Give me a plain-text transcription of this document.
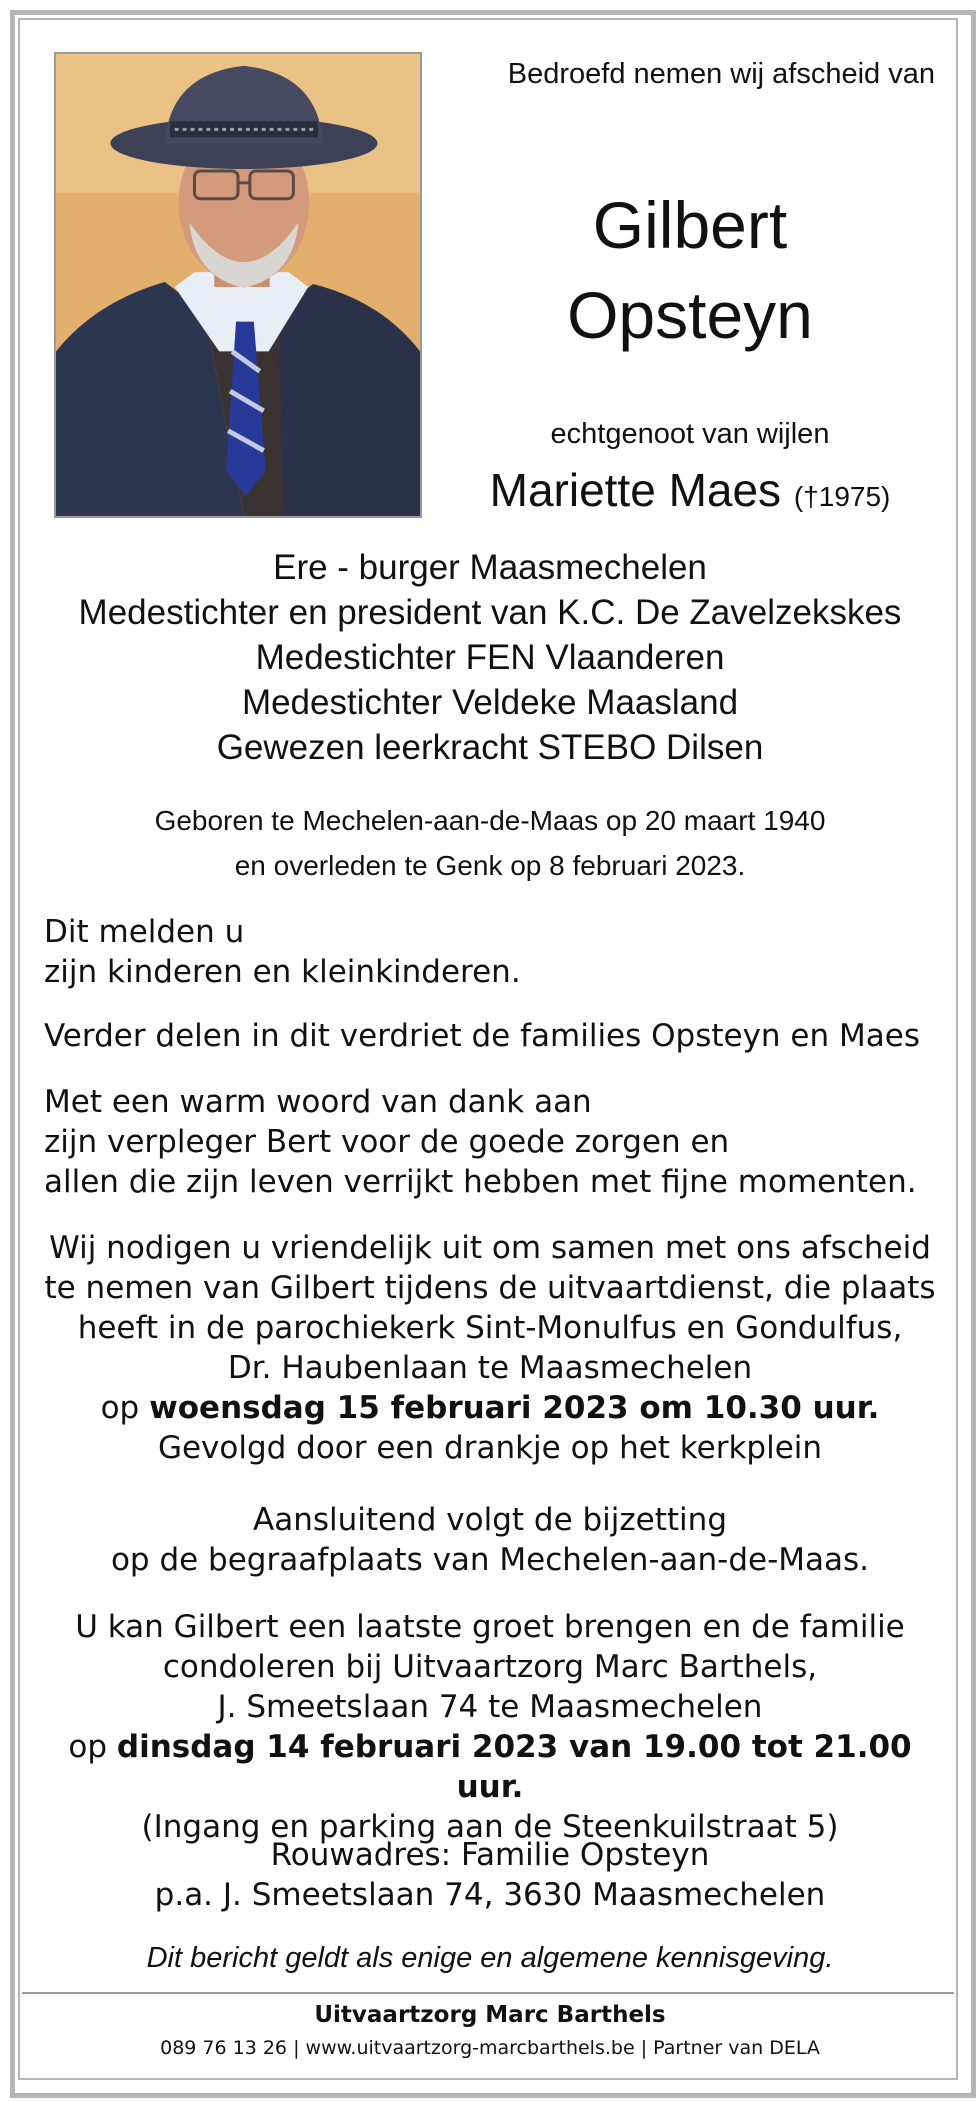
Bedroefd nemen wij afscheid van
Gilbert
Opsteyn
echtgenoot van wijlen
Mariette Maes (†1975)
Ere - burger Maasmechelen
Medestichter en president van K.C. De Zavelzekskes
Medestichter FEN Vlaanderen
Medestichter Veldeke Maasland
Gewezen leerkracht STEBO Dilsen
Geboren te Mechelen-aan-de-Maas op 20 maart 1940
en overleden te Genk op 8 februari 2023.
Dit melden u
zijn kinderen en kleinkinderen.
Verder delen in dit verdriet de families Opsteyn en Maes
Met een warm woord van dank aan
zijn verpleger Bert voor de goede zorgen en
allen die zijn leven verrijkt hebben met fijne momenten.
Wij nodigen u vriendelijk uit om samen met ons afscheid
te nemen van Gilbert tijdens de uitvaartdienst, die plaats
heeft in de parochiekerk Sint-Monulfus en Gondulfus,
Dr. Haubenlaan te Maasmechelen
op woensdag 15 februari 2023 om 10.30 uur.
Gevolgd door een drankje op het kerkplein
Aansluitend volgt de bijzetting
op de begraafplaats van Mechelen-aan-de-Maas.
U kan Gilbert een laatste groet brengen en de familie
condoleren bij Uitvaartzorg Marc Barthels,
J. Smeetslaan 74 te Maasmechelen
op dinsdag 14 februari 2023 van 19.00 tot 21.00 uur.
(Ingang en parking aan de Steenkuilstraat 5)
Rouwadres: Familie Opsteyn
p.a. J. Smeetslaan 74, 3630 Maasmechelen
Dit bericht geldt als enige en algemene kennisgeving.
Uitvaartzorg Marc Barthels
089 76 13 26 | www.uitvaartzorg-marcbarthels.be | Partner van DELA
